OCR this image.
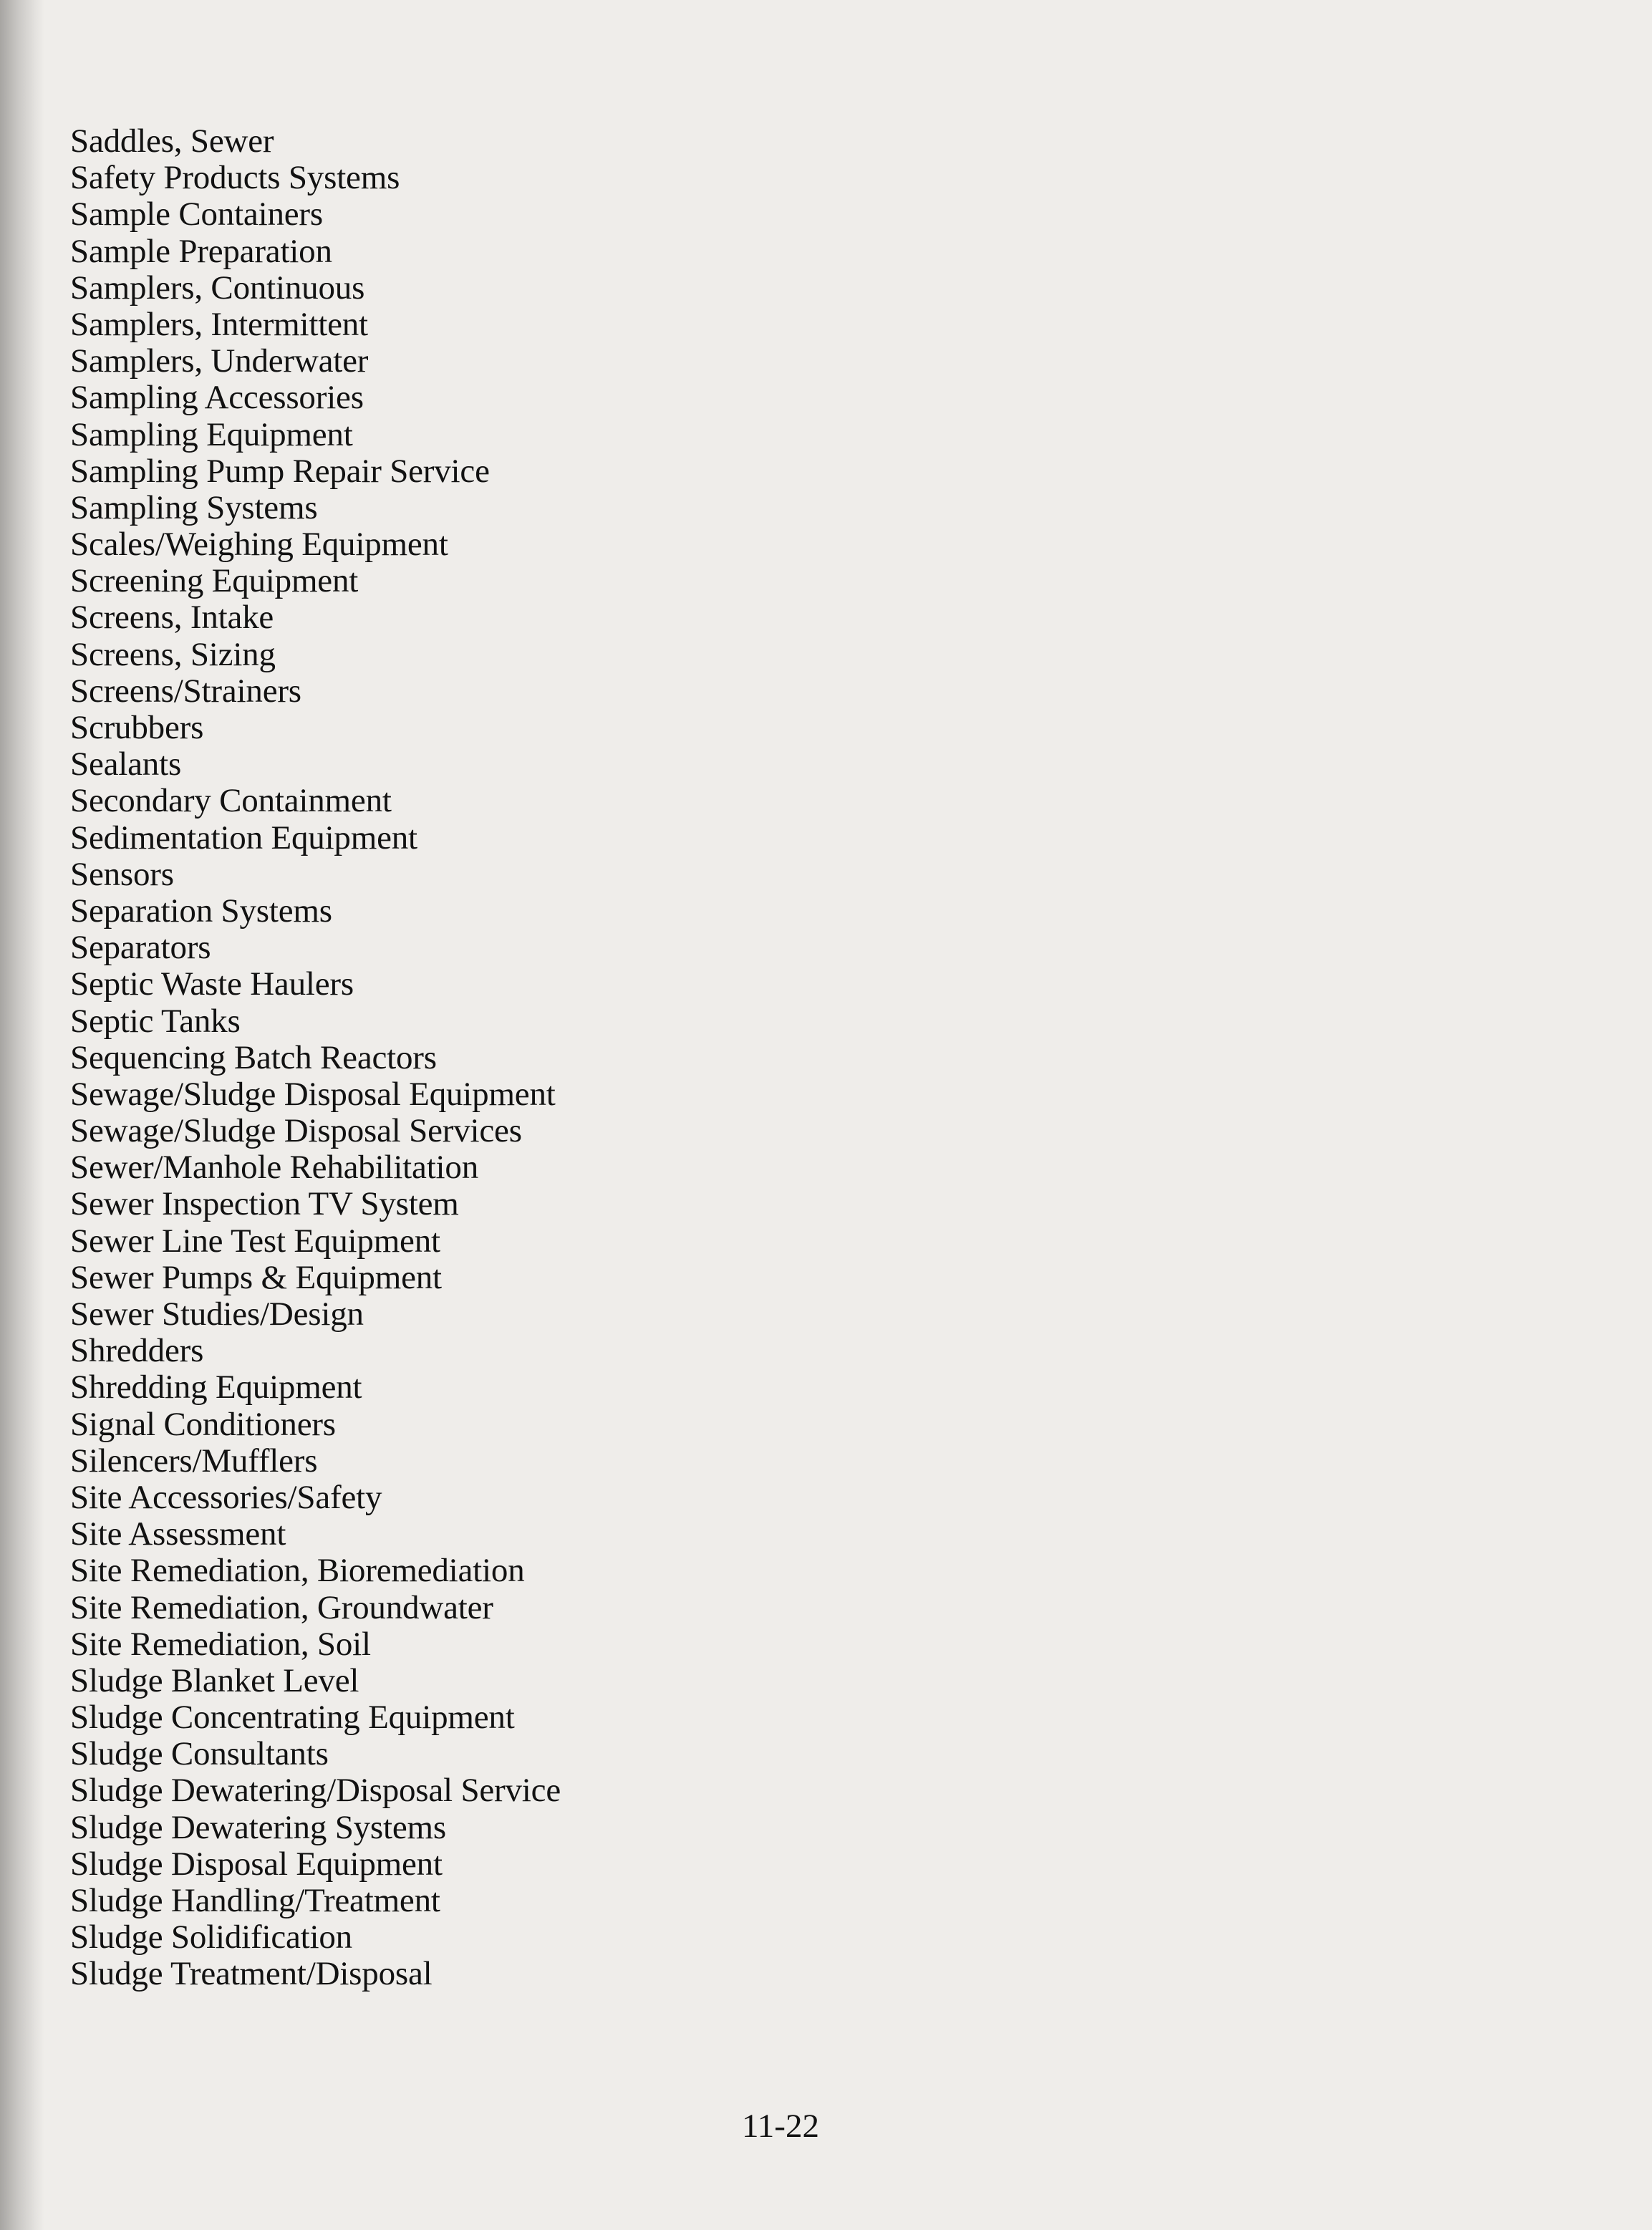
Saddles, Sewer
Safety Products Systems
Sample Containers
Sample Preparation
Samplers, Continuous
Samplers, Intermittent
Samplers, Underwater
Sampling Accessories
Sampling Equipment
Sampling Pump Repair Service
Sampling Systems
Scales/Weighing Equipment
Screening Equipment
Screens, Intake
Screens, Sizing
Screens/Strainers
Scrubbers
Sealants
Secondary Containment
Sedimentation Equipment
Sensors
Separation Systems
Separators
Septic Waste Haulers
Septic Tanks
Sequencing Batch Reactors
Sewage/Sludge Disposal Equipment
Sewage/Sludge Disposal Services
Sewer/Manhole Rehabilitation
Sewer Inspection TV System
Sewer Line Test Equipment
Sewer Pumps & Equipment
Sewer Studies/Design
Shredders
Shredding Equipment
Signal Conditioners
Silencers/Mufflers
Site Accessories/Safety
Site Assessment
Site Remediation, Bioremediation
Site Remediation, Groundwater
Site Remediation, Soil
Sludge Blanket Level
Sludge Concentrating Equipment
Sludge Consultants
Sludge Dewatering/Disposal Service
Sludge Dewatering Systems
Sludge Disposal Equipment
Sludge Handling/Treatment
Sludge Solidification
Sludge Treatment/Disposal
11-22
